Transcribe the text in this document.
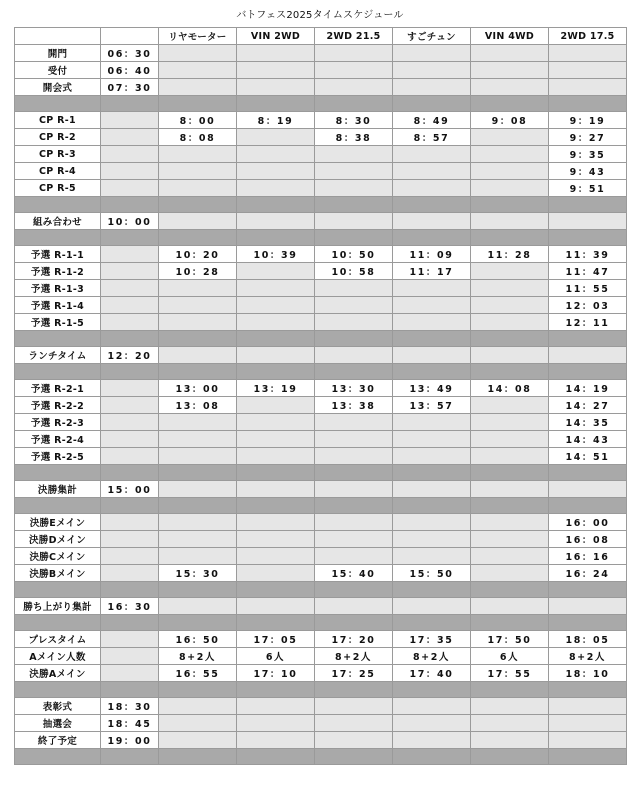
バトフェス2025タイムスケジュール
		リヤモーター	VIN 2WD	2WD 21.5	すごチュン	VIN 4WD	2WD 17.5
開門	06：30						
受付	06：40						
開会式	07：30						

CP R-1		8：00	8：19	8：30	8：49	9：08	9：19
CP R-2		8：08		8：38	8：57		9：27
CP R-3							9：35
CP R-4							9：43
CP R-5							9：51

組み合わせ	10：00						

予選 R-1-1		10：20	10：39	10：50	11：09	11：28	11：39
予選 R-1-2		10：28		10：58	11：17		11：47
予選 R-1-3							11：55
予選 R-1-4							12：03
予選 R-1-5							12：11

ランチタイム	12：20						

予選 R-2-1		13：00	13：19	13：30	13：49	14：08	14：19
予選 R-2-2		13：08		13：38	13：57		14：27
予選 R-2-3							14：35
予選 R-2-4							14：43
予選 R-2-5							14：51

決勝集計	15：00						

決勝Eメイン							16：00
決勝Dメイン							16：08
決勝Cメイン							16：16
決勝Bメイン		15：30		15：40	15：50		16：24

勝ち上がり集計	16：30						

プレスタイム		16：50	17：05	17：20	17：35	17：50	18：05
Aメイン人数		8+2人	6人	8+2人	8+2人	6人	8+2人
決勝Aメイン		16：55	17：10	17：25	17：40	17：55	18：10

表彰式	18：30						
抽選会	18：45						
終了予定	19：00						
